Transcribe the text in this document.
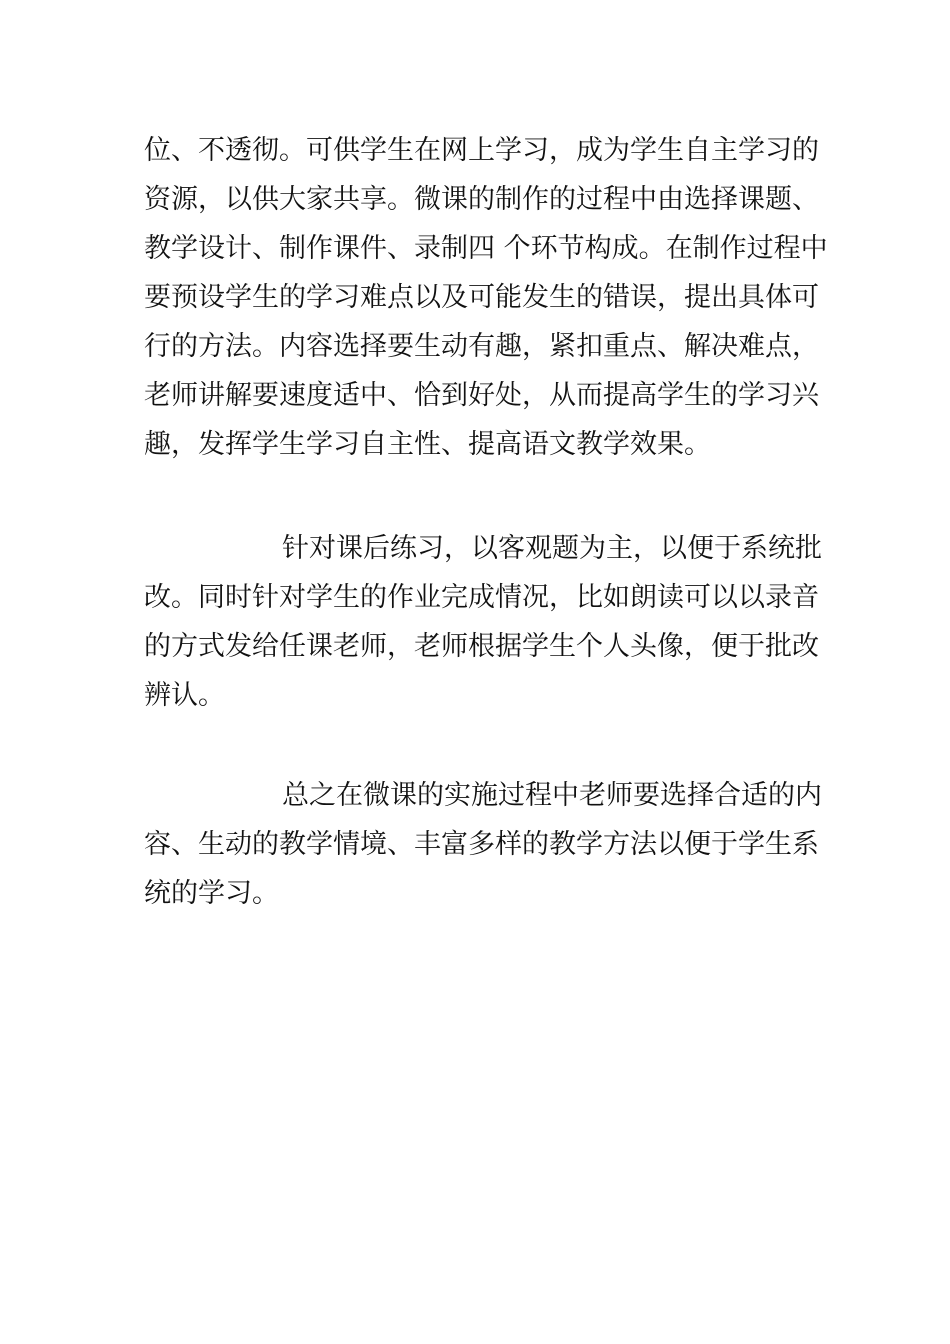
位、不透彻。可供学生在网上学习，成为学生自主学习的
资源，以供大家共享。微课的制作的过程中由选择课题、
教学设计、制作课件、录制四 个环节构成。在制作过程中
要预设学生的学习难点以及可能发生的错误，提出具体可
行的方法。内容选择要生动有趣，紧扣重点、解决难点，
老师讲解要速度适中、恰到好处，从而提高学生的学习兴
趣，发挥学生学习自主性、提高语文教学效果。
针对课后练习，以客观题为主，以便于系统批
改。同时针对学生的作业完成情况，比如朗读可以以录音
的方式发给任课老师，老师根据学生个人头像，便于批改
辨认。
总之在微课的实施过程中老师要选择合适的内
容、生动的教学情境、丰富多样的教学方法以便于学生系
统的学习。
